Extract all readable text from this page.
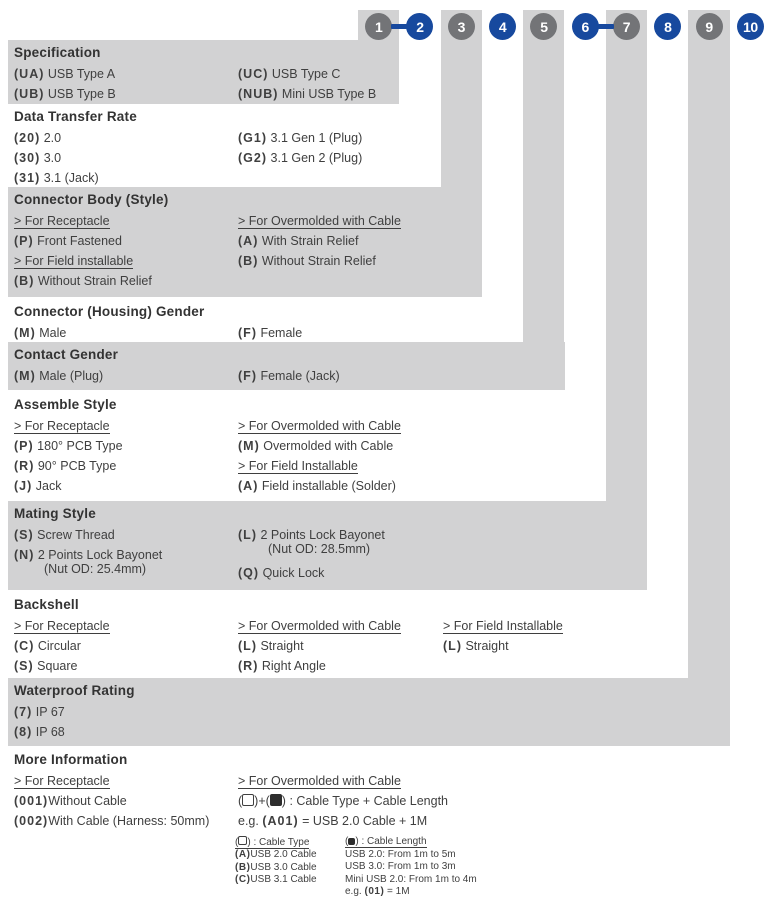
1 2 3 4 5 6 7 8 9 10
Specification
(UA) USB Type A
(UB) USB Type B
(UC) USB Type C
(NUB) Mini USB Type B
Data Transfer Rate
(20) 2.0
(30) 3.0
(31) 3.1 (Jack)
(G1) 3.1 Gen 1 (Plug)
(G2) 3.1 Gen 2 (Plug)
Connector Body (Style)
> For Receptacle
(P) Front Fastened
> For Field installable
(B) Without Strain Relief
> For Overmolded with Cable
(A) With Strain Relief
(B) Without Strain Relief
Connector (Housing) Gender
(M) Male	(F) Female
Contact Gender
(M) Male (Plug)	(F) Female (Jack)
Assemble Style
> For Receptacle
(P) 180° PCB Type
(R) 90° PCB Type
(J) Jack
> For Overmolded with Cable
(M) Overmolded with Cable
> For Field Installable
(A) Field installable (Solder)
Mating Style
(S) Screw Thread
(N) 2 Points Lock Bayonet
(Nut OD: 25.4mm)
(L) 2 Points Lock Bayonet
(Nut OD: 28.5mm)
(Q) Quick Lock
Backshell
> For Receptacle
(C) Circular
(S) Square
> For Overmolded with Cable
(L) Straight
(R) Right Angle
> For Field Installable
(L) Straight
Waterproof Rating
(7) IP 67
(8) IP 68
More Information
> For Receptacle
(001)Without Cable
(002)With Cable (Harness: 50mm)
> For Overmolded with Cable
( )+( ) : Cable Type + Cable Length
e.g. (A01) = USB 2.0 Cable + 1M
( ) : Cable Type
(A)USB 2.0 Cable
(B)USB 3.0 Cable
(C)USB 3.1 Cable
( ) : Cable Length
USB 2.0: From 1m to 5m
USB 3.0: From 1m to 3m
Mini USB 2.0: From 1m to 4m
e.g. (01) = 1M
